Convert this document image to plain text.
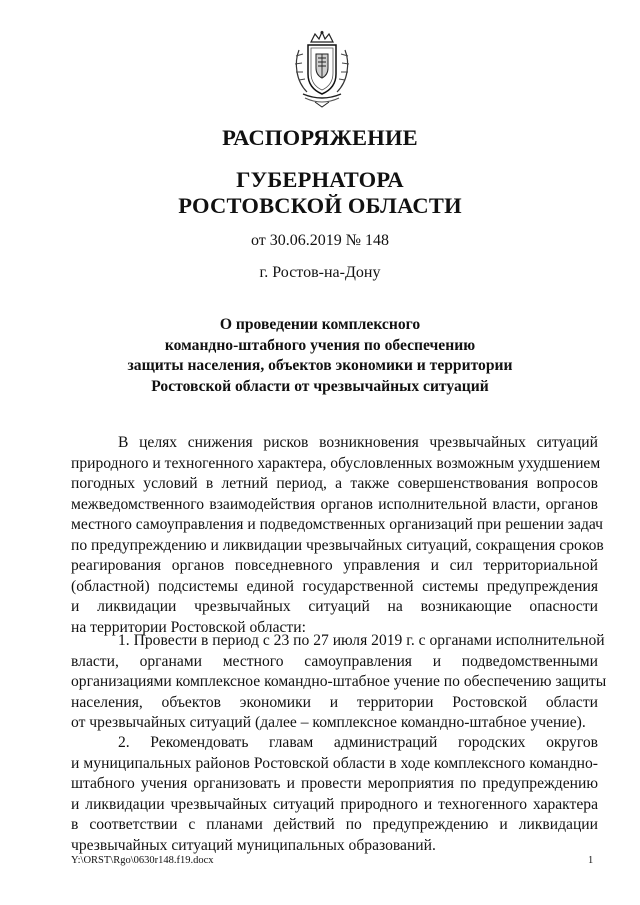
РАСПОРЯЖЕНИЕ
ГУБЕРНАТОРА
РОСТОВСКОЙ ОБЛАСТИ
от 30.06.2019 № 148
г. Ростов-на-Дону
О проведении комплексного
командно-штабного учения по обеспечению
защиты населения, объектов экономики и территории
Ростовской области от чрезвычайных ситуаций
В целях снижения рисков возникновения чрезвычайных ситуаций
природного и техногенного характера, обусловленных возможным ухудшением
погодных условий в летний период, а также совершенствования вопросов
межведомственного взаимодействия органов исполнительной власти, органов
местного самоуправления и подведомственных организаций при решении задач
по предупреждению и ликвидации чрезвычайных ситуаций, сокращения сроков
реагирования органов повседневного управления и сил территориальной
(областной) подсистемы единой государственной системы предупреждения
и ликвидации чрезвычайных ситуаций на возникающие опасности
на территории Ростовской области:
1. Провести в период с 23 по 27 июля 2019 г. с органами исполнительной
власти, органами местного самоуправления и подведомственными
организациями комплексное командно-штабное учение по обеспечению защиты
населения, объектов экономики и территории Ростовской области
от чрезвычайных ситуаций (далее – комплексное командно-штабное учение).
2. Рекомендовать главам администраций городских округов
и муниципальных районов Ростовской области в ходе комплексного командно-
штабного учения организовать и провести мероприятия по предупреждению
и ликвидации чрезвычайных ситуаций природного и техногенного характера
в соответствии с планами действий по предупреждению и ликвидации
чрезвычайных ситуаций муниципальных образований.
Y:\ORST\Rgo\0630r148.f19.docx	1
